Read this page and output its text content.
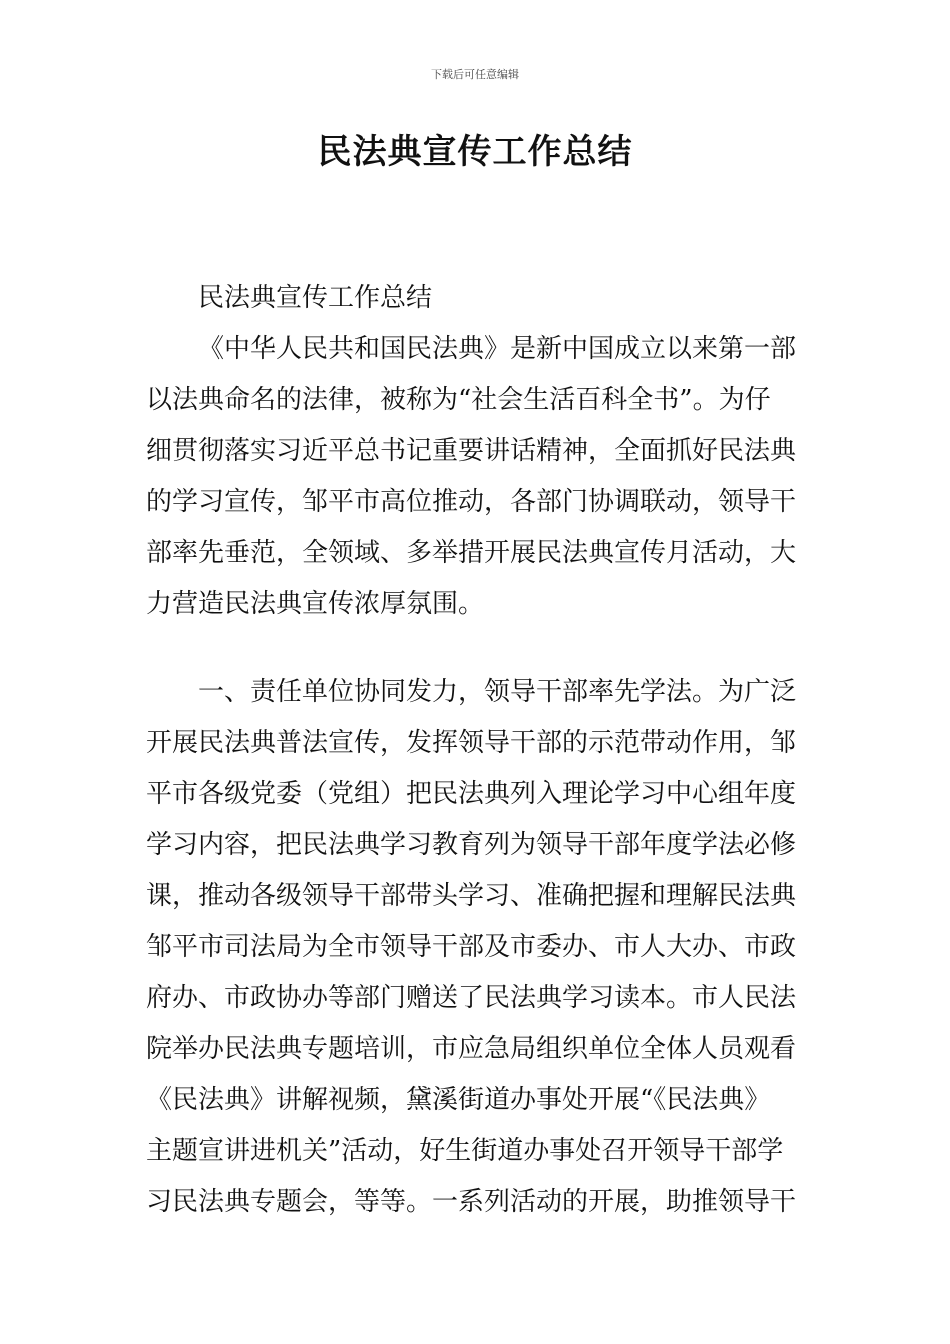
下载后可任意编辑
民法典宣传工作总结
民法典宣传工作总结
《中华人民共和国民法典》是新中国成立以来第一部
以法典命名的法律，被称为“社会生活百科全书”。为仔
细贯彻落实习近平总书记重要讲话精神，全面抓好民法典
的学习宣传，邹平市高位推动，各部门协调联动，领导干
部率先垂范，全领域、多举措开展民法典宣传月活动，大
力营造民法典宣传浓厚氛围。
一、责任单位协同发力，领导干部率先学法。为广泛
开展民法典普法宣传，发挥领导干部的示范带动作用，邹
平市各级党委（党组）把民法典列入理论学习中心组年度
学习内容，把民法典学习教育列为领导干部年度学法必修
课，推动各级领导干部带头学习、准确把握和理解民法典
邹平市司法局为全市领导干部及市委办、市人大办、市政
府办、市政协办等部门赠送了民法典学习读本。市人民法
院举办民法典专题培训，市应急局组织单位全体人员观看
《民法典》讲解视频，黛溪街道办事处开展“《民法典》
主题宣讲进机关”活动，好生街道办事处召开领导干部学
习民法典专题会，等等。一系列活动的开展，助推领导干
